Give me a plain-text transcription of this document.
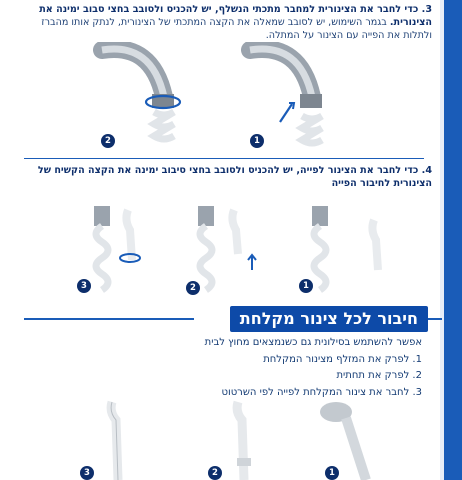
3. כדי לחבר את הצינורית למחבר מתכתי הנשלף, יש להכניס ולסובב בחצי סבוב ימינה את הצינורית. בגמר השימוש, יש לסובב שמאלה את הקצה המתכתי של הצינורית, לנתק אותו מהברז ולתלות את הפייה עם הצינור על המתלה.
2	1
4. כדי לחבר את הצינור לפייה, יש להכניס ולסובב בחצי סיבוב ימינה את הקצה הקשיח של הצינורית לחיבור הפייה
3	2	1
חיבור לכל צינור מקלחת
אפשר להשתמש בסילונית גם כשנמצאים מחוץ לבית
1. לפרק את המזלף מצינור המקלחת
2. לפרק את תחתית
3. לחבר את צינור המקלחת לפייה לפי השרטוט
3	2	1
